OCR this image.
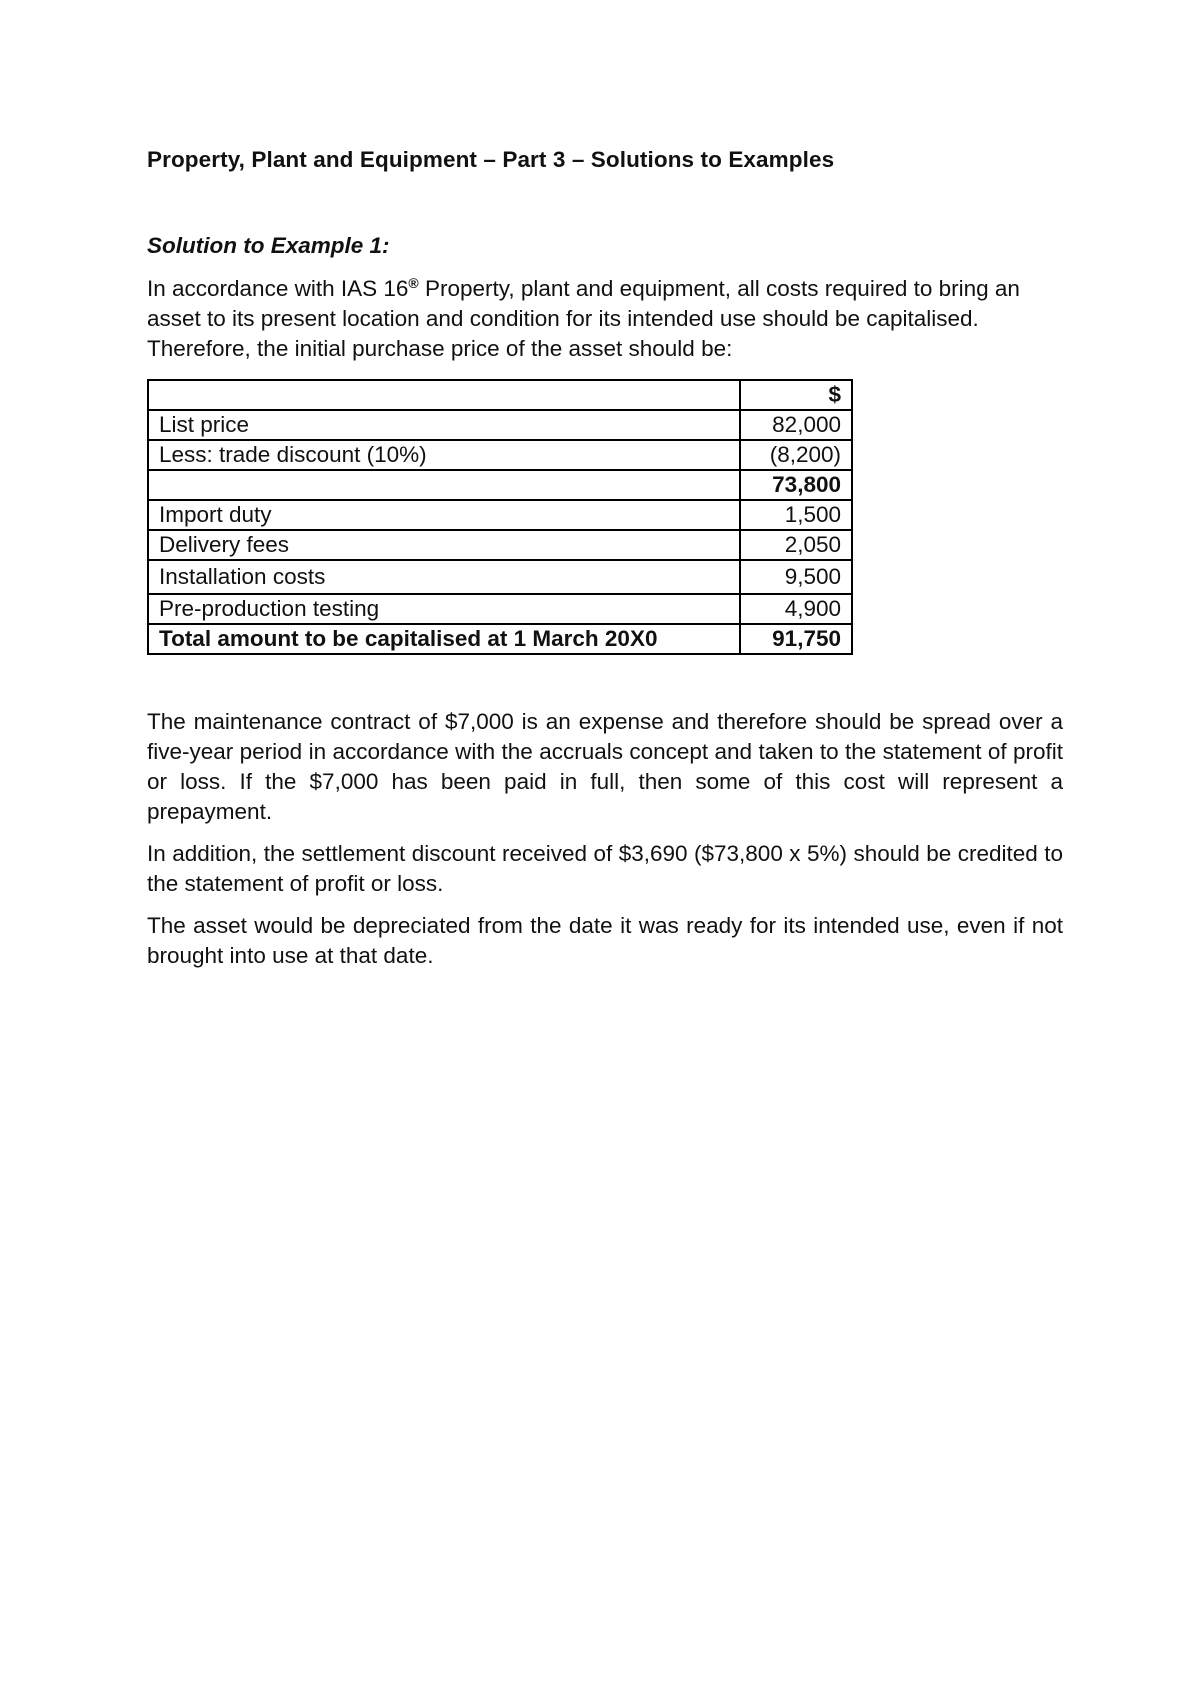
Property, Plant and Equipment – Part 3 – Solutions to Examples
Solution to Example 1:

In accordance with IAS 16® Property, plant and equipment, all costs required to bring an asset to its present location and condition for its intended use should be capitalised. Therefore, the initial purchase price of the asset should be:

	$
List price	82,000
Less: trade discount (10%)	(8,200)
	73,800
Import duty	1,500
Delivery fees	2,050
Installation costs	9,500
Pre-production testing	4,900
Total amount to be capitalised at 1 March 20X0	91,750

The maintenance contract of $7,000 is an expense and therefore should be spread over a five-year period in accordance with the accruals concept and taken to the statement of profit or loss. If the $7,000 has been paid in full, then some of this cost will represent a prepayment.

In addition, the settlement discount received of $3,690 ($73,800 x 5%) should be credited to the statement of profit or loss.

The asset would be depreciated from the date it was ready for its intended use, even if not brought into use at that date.
